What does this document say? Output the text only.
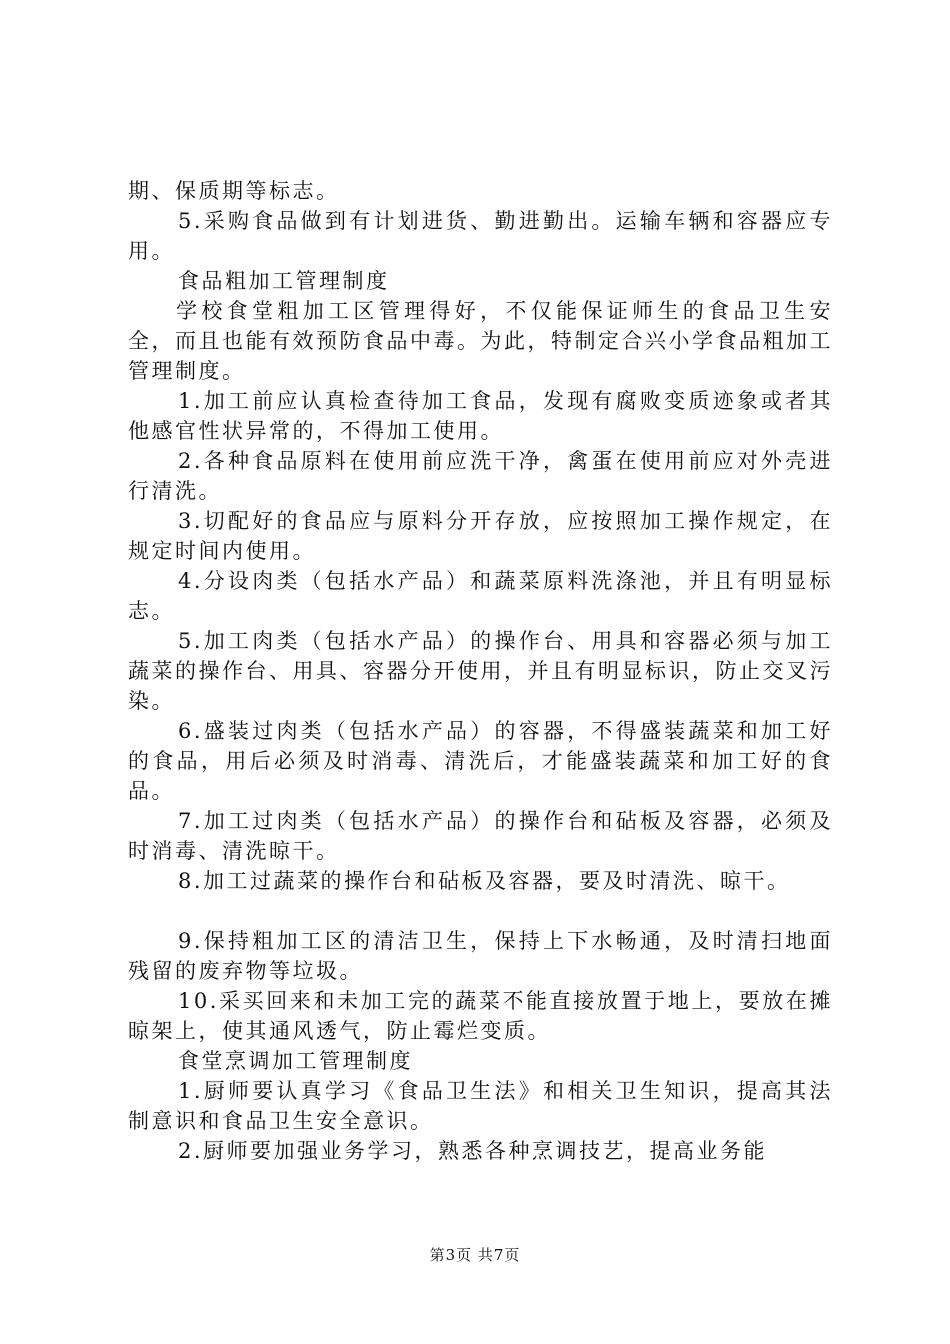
期、保质期等标志。

5.采购食品做到有计划进货、勤进勤出。运输车辆和容器应专用。

食品粗加工管理制度

学校食堂粗加工区管理得好，不仅能保证师生的食品卫生安全，而且也能有效预防食品中毒。为此，特制定合兴小学食品粗加工管理制度。

1.加工前应认真检查待加工食品，发现有腐败变质迹象或者其他感官性状异常的，不得加工使用。

2.各种食品原料在使用前应洗干净，禽蛋在使用前应对外壳进行清洗。

3.切配好的食品应与原料分开存放，应按照加工操作规定，在规定时间内使用。

4.分设肉类（包括水产品）和蔬菜原料洗涤池，并且有明显标志。

5.加工肉类（包括水产品）的操作台、用具和容器必须与加工蔬菜的操作台、用具、容器分开使用，并且有明显标识，防止交叉污染。

6.盛装过肉类（包括水产品）的容器，不得盛装蔬菜和加工好的食品，用后必须及时消毒、清洗后，才能盛装蔬菜和加工好的食品。

7.加工过肉类（包括水产品）的操作台和砧板及容器，必须及时消毒、清洗晾干。

8.加工过蔬菜的操作台和砧板及容器，要及时清洗、晾干。

9.保持粗加工区的清洁卫生，保持上下水畅通，及时清扫地面残留的废弃物等垃圾。

10.采买回来和未加工完的蔬菜不能直接放置于地上，要放在摊晾架上，使其通风透气，防止霉烂变质。

食堂烹调加工管理制度

1.厨师要认真学习《食品卫生法》和相关卫生知识，提高其法制意识和食品卫生安全意识。

2.厨师要加强业务学习，熟悉各种烹调技艺，提高业务能

第3页 共7页
